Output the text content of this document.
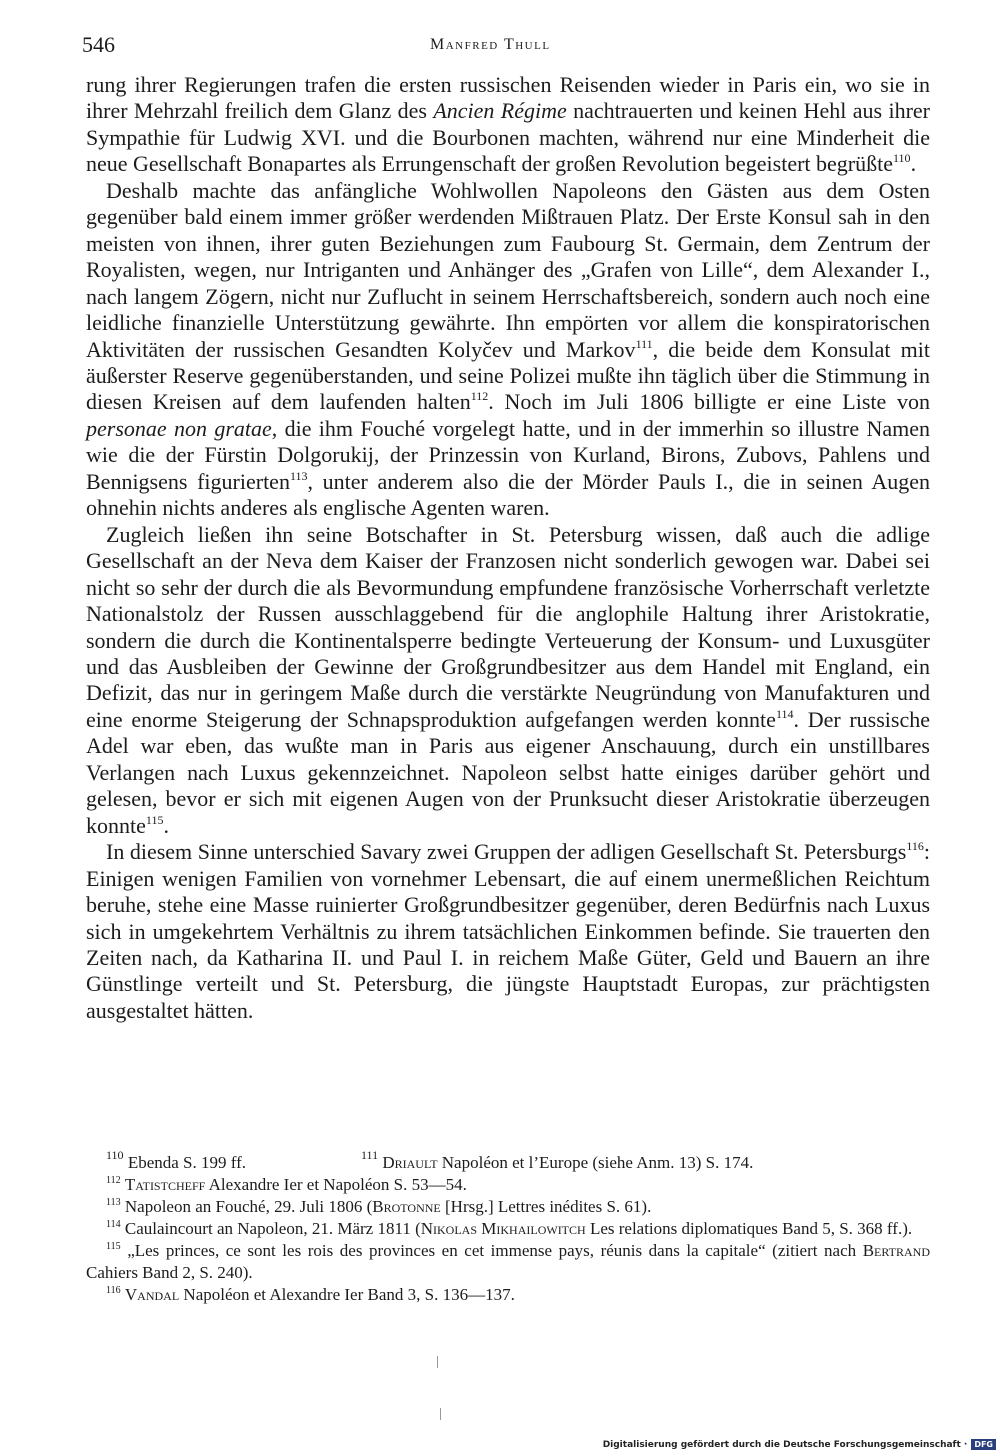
546	Manfred Thull

rung ihrer Regierungen trafen die ersten russischen Reisenden wieder in Paris ein, wo sie in ihrer Mehrzahl freilich dem Glanz des Ancien Régime nachtrauerten und keinen Hehl aus ihrer Sympathie für Ludwig XVI. und die Bourbonen machten, während nur eine Minderheit die neue Gesellschaft Bonapartes als Errungenschaft der großen Revolution begeistert begrüßte$^{110}$.

Deshalb machte das anfängliche Wohlwollen Napoleons den Gästen aus dem Osten gegenüber bald einem immer größer werdenden Mißtrauen Platz. Der Erste Konsul sah in den meisten von ihnen, ihrer guten Beziehungen zum Faubourg St. Germain, dem Zentrum der Royalisten, wegen, nur Intriganten und Anhänger des „Grafen von Lille“, dem Alexander I., nach langem Zögern, nicht nur Zuflucht in seinem Herrschaftsbereich, sondern auch noch eine leidliche finanzielle Unterstützung gewährte. Ihn empörten vor allem die konspiratorischen Aktivitäten der russischen Gesandten Kolyčev und Markov$^{111}$, die beide dem Konsulat mit äußerster Reserve gegenüberstanden, und seine Polizei mußte ihn täglich über die Stimmung in diesen Kreisen auf dem laufenden halten$^{112}$. Noch im Juli 1806 billigte er eine Liste von personae non gratae, die ihm Fouché vorgelegt hatte, und in der immerhin so illustre Namen wie die der Fürstin Dolgorukij, der Prinzessin von Kurland, Birons, Zubovs, Pahlens und Bennigsens figurierten$^{113}$, unter anderem also die der Mörder Pauls I., die in seinen Augen ohnehin nichts anderes als englische Agenten waren.

Zugleich ließen ihn seine Botschafter in St. Petersburg wissen, daß auch die adlige Gesellschaft an der Neva dem Kaiser der Franzosen nicht sonderlich gewogen war. Dabei sei nicht so sehr der durch die als Bevormundung empfundene französische Vorherrschaft verletzte Nationalstolz der Russen ausschlaggebend für die anglophile Haltung ihrer Aristokratie, sondern die durch die Kontinentalsperre bedingte Verteuerung der Konsum- und Luxusgüter und das Ausbleiben der Gewinne der Großgrundbesitzer aus dem Handel mit England, ein Defizit, das nur in geringem Maße durch die verstärkte Neugründung von Manufakturen und eine enorme Steigerung der Schnapsproduktion aufgefangen werden konnte$^{114}$. Der russische Adel war eben, das wußte man in Paris aus eigener Anschauung, durch ein unstillbares Verlangen nach Luxus gekennzeichnet. Napoleon selbst hatte einiges darüber gehört und gelesen, bevor er sich mit eigenen Augen von der Prunksucht dieser Aristokratie überzeugen konnte$^{115}$.

In diesem Sinne unterschied Savary zwei Gruppen der adligen Gesellschaft St. Petersburgs$^{116}$: Einigen wenigen Familien von vornehmer Lebensart, die auf einem unermeßlichen Reichtum beruhe, stehe eine Masse ruinierter Großgrundbesitzer gegenüber, deren Bedürfnis nach Luxus sich in umgekehrtem Verhältnis zu ihrem tatsächlichen Einkommen befinde. Sie trauerten den Zeiten nach, da Katharina II. und Paul I. in reichem Maße Güter, Geld und Bauern an ihre Günstlinge verteilt und St. Petersburg, die jüngste Hauptstadt Europas, zur prächtigsten ausgestaltet hätten.

$^{110}$ Ebenda S. 199 ff.	$^{111}$ Driault Napoléon et l’Europe (siehe Anm. 13) S. 174.
$^{112}$ Tatistcheff Alexandre Ier et Napoléon S. 53—54.
$^{113}$ Napoleon an Fouché, 29. Juli 1806 (Brotonne [Hrsg.] Lettres inédites S. 61).
$^{114}$ Caulaincourt an Napoleon, 21. März 1811 (Nikolas Mikhailowitch Les relations diplomatiques Band 5, S. 368 ff.).
$^{115}$ „Les princes, ce sont les rois des provinces en cet immense pays, réunis dans la capitale“ (zitiert nach Bertrand Cahiers Band 2, S. 240).
$^{116}$ Vandal Napoléon et Alexandre Ier Band 3, S. 136—137.
Digitalisierung gefördert durch die Deutsche Forschungsgemeinschaft · DFG
